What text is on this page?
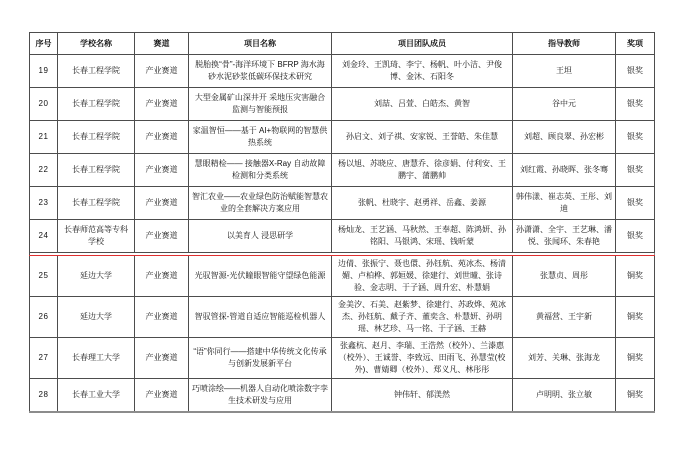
序号	学校名称	赛道	项目名称	项目团队成员	指导教师	奖项
19	长春工程学院	产业赛道	脱胎换“骨”-海洋环境下 BFRP 海水海砂水泥砂浆低碳环保技术研究	刘金玲、王凯琦、李宁、杨帆、叶小洁、尹俊博、金沐、石阳冬	王坦	银奖
20	长春工程学院	产业赛道	大型金属矿山深井开 采地压灾害融合监测与智能预报	刘喆、吕萱、白皓杰、黄智	谷中元	银奖
21	长春工程学院	产业赛道	家温智恒——基于 AI+物联网的智慧供热系统	孙启文、刘子祺、安家锐、王誉皓、朱佳慧	刘超、顾良翠、孙宏彬	银奖
22	长春工程学院	产业赛道	慧眼精检—— 接触器X-Ray 自动故障检测和分类系统	杨以旭、苏晓应、唐慧乔、徐彦娟、付利安、王鹏宇、蒲鹏帅	刘红霞、孙晓晖、张冬骞	银奖
23	长春工程学院	产业赛道	智汇农业——农业绿色防治赋能智慧农业的全套解决方案应用	张帆、杜晓宇、赵勇祥、岳鑫、姜源	韩伟漾、崔志英、王彤、刘迪	银奖
24	长春师范高等专科学校	产业赛道	以美育人 浸思研学	杨灿龙、王艺涵、马秋然、王奉超、陈鸿妍、孙铭阳、马银鸿、宋瑶、钱昕蒙	孙潇潇、全宇、王艺琳、潘悦、张闻环、朱春艳	银奖

25	延边大学	产业赛道	光驭智源-光伏瞳眼智能守望绿色能源	边倩、张振宁、聂也儇、孙钰航、苑冰杰、杨清媚、卢柏桦、郭姮媛、徐建行、刘世曈、张诗验、金志明、于子涵、周升宏、朴慧娟	张慧贞、周彤	铜奖
26	延边大学	产业赛道	智驭管探-管道自适应智能巡检机器人	金美汐、石美、赵紫梦、徐建行、苏政烨、苑冰杰、孙钰航、戴子齐、董奕含、朴慧妍、孙明瑶、林艺珍、马一铭、于子涵、王赫	黄福营、王宇新	铜奖
27	长春理工大学	产业赛道	“语”你同行——搭建中华传统文化传承与创新发展新平台	张鑫杭、赵月、李瑞、王浩然（校外）、兰溙惠（校外）、王诚誉、李致远、田雨飞、孙慧莹(校外)、曹婧卿（校外）、郑义凡、林彤彤	刘芳、关琳、张海龙	铜奖
28	长春工业大学	产业赛道	巧喷涂绘——机器人自动化喷涂数字孪生技术研发与应用	钟伟轩、郁渼然	卢明明、张立敏	铜奖
